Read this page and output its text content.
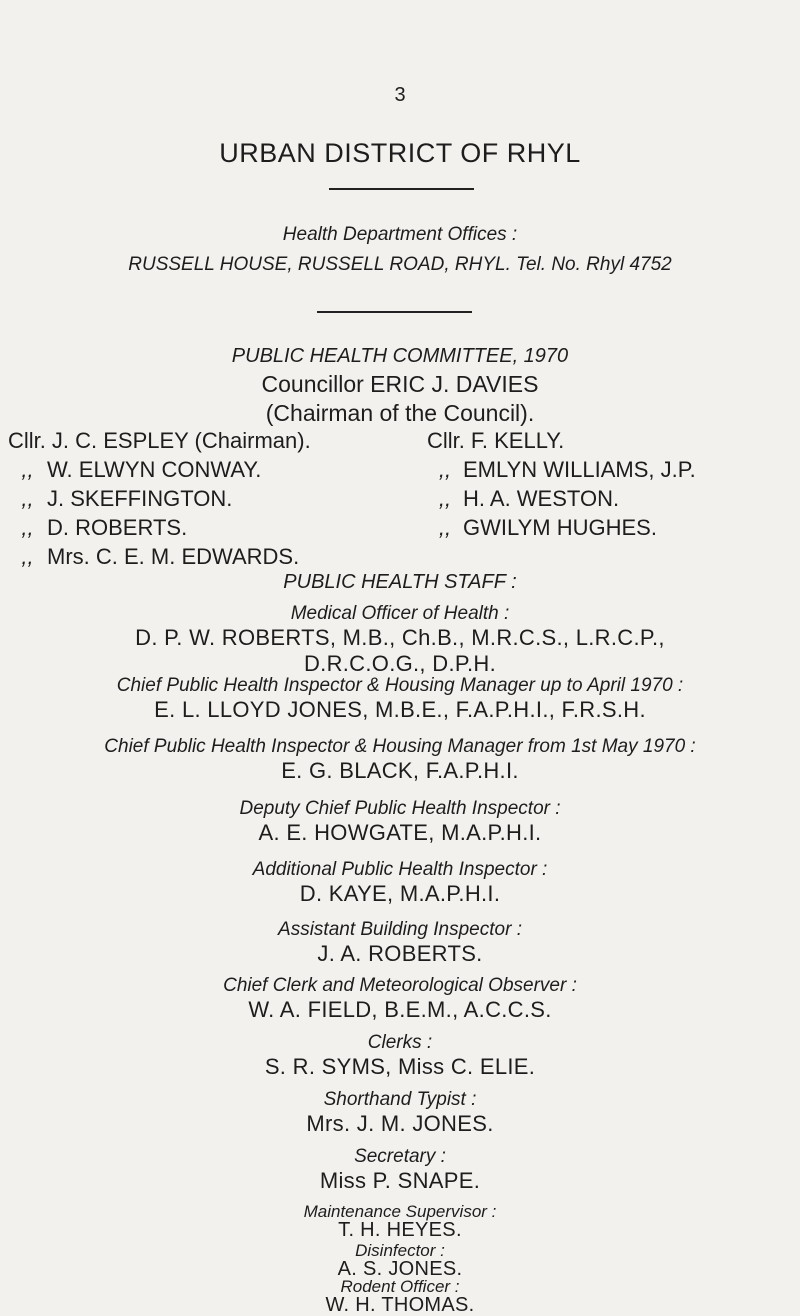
3
URBAN DISTRICT OF RHYL
Health Department Offices :
RUSSELL HOUSE, RUSSELL ROAD, RHYL. Tel. No. Rhyl 4752
PUBLIC HEALTH COMMITTEE, 1970
Councillor ERIC J. DAVIES
(Chairman of the Council).
Cllr. J. C. ESPLEY (Chairman).
,, W. ELWYN CONWAY.
,, J. SKEFFINGTON.
,, D. ROBERTS.
,, Mrs. C. E. M. EDWARDS.
Cllr. F. KELLY.
,, EMLYN WILLIAMS, J.P.
,, H. A. WESTON.
,, GWILYM HUGHES.
PUBLIC HEALTH STAFF :
Medical Officer of Health :
D. P. W. ROBERTS, M.B., Ch.B., M.R.C.S., L.R.C.P.,
D.R.C.O.G., D.P.H.
Chief Public Health Inspector & Housing Manager up to April 1970 :
E. L. LLOYD JONES, M.B.E., F.A.P.H.I., F.R.S.H.
Chief Public Health Inspector & Housing Manager from 1st May 1970 :
E. G. BLACK, F.A.P.H.I.
Deputy Chief Public Health Inspector :
A. E. HOWGATE, M.A.P.H.I.
Additional Public Health Inspector :
D. KAYE, M.A.P.H.I.
Assistant Building Inspector :
J. A. ROBERTS.
Chief Clerk and Meteorological Observer :
W. A. FIELD, B.E.M., A.C.C.S.
Clerks :
S. R. SYMS, Miss C. ELIE.
Shorthand Typist :
Mrs. J. M. JONES.
Secretary :
Miss P. SNAPE.
Maintenance Supervisor :
T. H. HEYES.
Disinfector :
A. S. JONES.
Rodent Officer :
W. H. THOMAS.
